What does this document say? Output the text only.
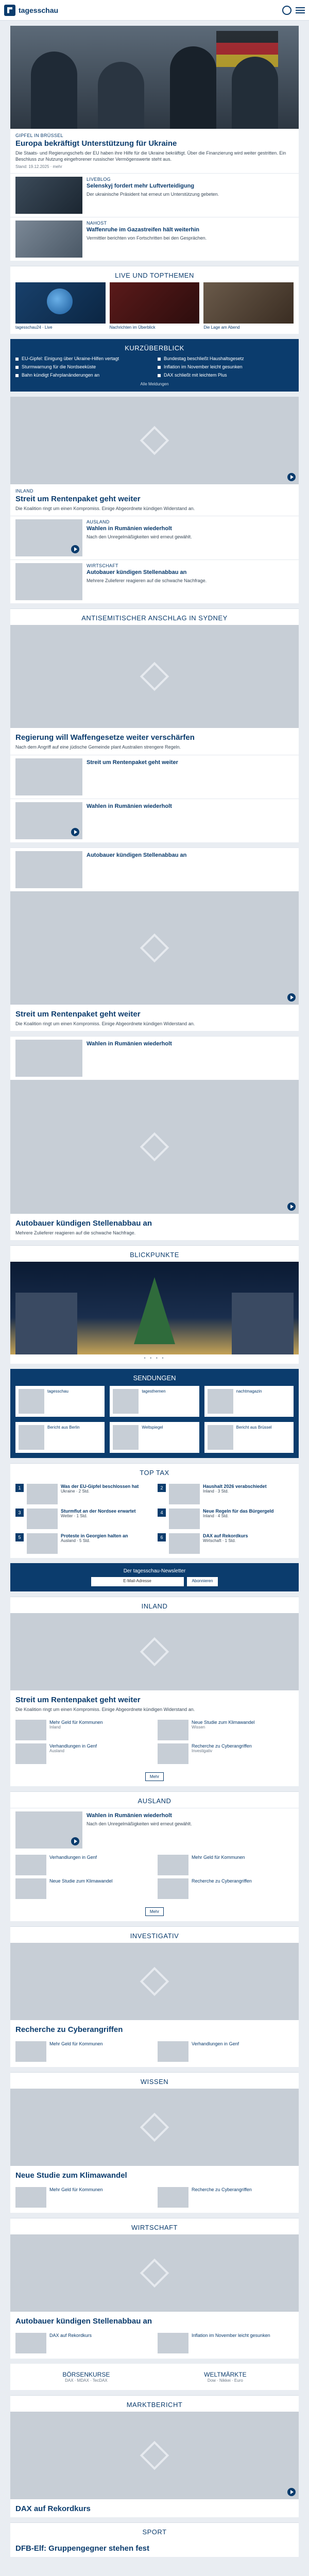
tagesschau
GIPFEL IN BRÜSSEL
Europa bekräftigt Unterstützung für Ukraine
Die Staats- und Regierungschefs der EU haben ihre Hilfe für die Ukraine bekräftigt. Über die Finanzierung wird weiter gestritten. Ein Beschluss zur Nutzung eingefrorener russischer Vermögenswerte steht aus.
Stand: 19.12.2025 · mehr
LIVEBLOG
Selenskyj fordert mehr Luftverteidigung
Der ukrainische Präsident hat erneut um Unterstützung gebeten.
NAHOST
Waffenruhe im Gazastreifen hält weiterhin
Vermittler berichten von Fortschritten bei den Gesprächen.
LIVE UND TOPTHEMEN
tagesschau24 · Live	Nachrichten im Überblick	Die Lage am Abend
KURZÜBERBLICK
EU-Gipfel: Einigung über Ukraine-Hilfen vertagt	Bundestag beschließt Haushaltsgesetz
Sturmwarnung für die Nordseeküste	Inflation im November leicht gesunken
Bahn kündigt Fahrplanänderungen an	DAX schließt mit leichtem Plus
Alle Meldungen
INLAND
Streit um Rentenpaket geht weiter
Die Koalition ringt um einen Kompromiss. Einige Abgeordnete kündigen Widerstand an.
AUSLAND
Wahlen in Rumänien wiederholt
Nach den Unregelmäßigkeiten wird erneut gewählt.
WIRTSCHAFT
Autobauer kündigen Stellenabbau an
Mehrere Zulieferer reagieren auf die schwache Nachfrage.
ANTISEMITISCHER ANSCHLAG IN SYDNEY
Regierung will Waffengesetze weiter verschärfen
Nach dem Angriff auf eine jüdische Gemeinde plant Australien strengere Regeln.
Streit um Rentenpaket geht weiter
Wahlen in Rumänien wiederholt
Autobauer kündigen Stellenabbau an
Streit um Rentenpaket geht weiter
Die Koalition ringt um einen Kompromiss. Einige Abgeordnete kündigen Widerstand an.
Wahlen in Rumänien wiederholt
Autobauer kündigen Stellenabbau an
Mehrere Zulieferer reagieren auf die schwache Nachfrage.
BLICKPUNKTE
• • • •
SENDUNGEN
tagesschau	tagesthemen	nachtmagazin
Bericht aus Berlin	Weltspiegel	Bericht aus Brüssel
TOP TAX
1	Was der EU-Gipfel beschlossen hat
Ukraine · 2 Std.
2	Haushalt 2026 verabschiedet
Inland · 3 Std.
3	Sturmflut an der Nordsee erwartet
Wetter · 1 Std.
4	Neue Regeln für das Bürgergeld
Inland · 4 Std.
5	Proteste in Georgien halten an
Ausland · 5 Std.
6	DAX auf Rekordkurs
Wirtschaft · 1 Std.
Der tagesschau-Newsletter
E-Mail-Adresse	Abonnieren
INLAND
Streit um Rentenpaket geht weiter
Die Koalition ringt um einen Kompromiss. Einige Abgeordnete kündigen Widerstand an.
Mehr Geld für Kommunen
Inland
Neue Studie zum Klimawandel
Wissen
Verhandlungen in Genf
Ausland
Recherche zu Cyberangriffen
Investigativ
Mehr
AUSLAND
Wahlen in Rumänien wiederholt
Nach den Unregelmäßigkeiten wird erneut gewählt.
Verhandlungen in Genf	Mehr Geld für Kommunen
Neue Studie zum Klimawandel	Recherche zu Cyberangriffen
Mehr
INVESTIGATIV
Recherche zu Cyberangriffen
Mehr Geld für Kommunen	Verhandlungen in Genf
WISSEN
Neue Studie zum Klimawandel
Mehr Geld für Kommunen	Recherche zu Cyberangriffen
WIRTSCHAFT
Autobauer kündigen Stellenabbau an
DAX auf Rekordkurs	Inflation im November leicht gesunken
BÖRSENKURSE
DAX · MDAX · TecDAX
WELTMÄRKTE
Dow · Nikkei · Euro
MARKTBERICHT
DAX auf Rekordkurs
SPORT
DFB-Elf: Gruppengegner stehen fest
